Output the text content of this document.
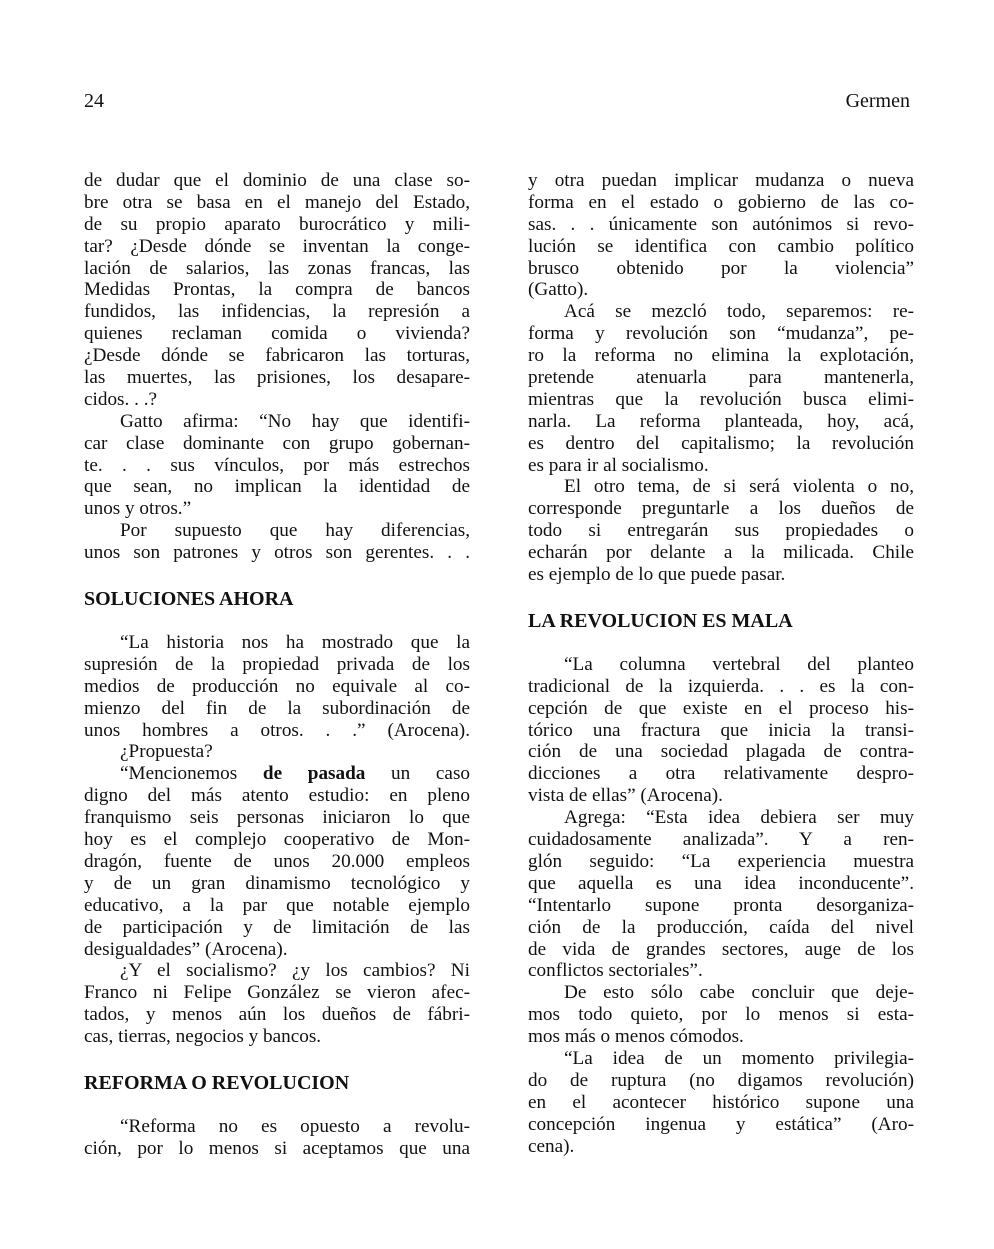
24	Germen
de dudar que el dominio de una clase so-
bre otra se basa en el manejo del Estado,
de su propio aparato burocrático y mili-
tar? ¿Desde dónde se inventan la conge-
lación de salarios, las zonas francas, las
Medidas Prontas, la compra de bancos
fundidos, las infidencias, la represión a
quienes reclaman comida o vivienda?
¿Desde dónde se fabricaron las torturas,
las muertes, las prisiones, los desapare-
cidos. . .?
Gatto afirma: “No hay que identifi-
car clase dominante con grupo gobernan-
te. . . sus vínculos, por más estrechos
que sean, no implican la identidad de
unos y otros.”
Por supuesto que hay diferencias,
unos son patrones y otros son gerentes. . .
SOLUCIONES AHORA
“La historia nos ha mostrado que la
supresión de la propiedad privada de los
medios de producción no equivale al co-
mienzo del fin de la subordinación de
unos hombres a otros. . .” (Arocena).
¿Propuesta?
“Mencionemos de pasada un caso
digno del más atento estudio: en pleno
franquismo seis personas iniciaron lo que
hoy es el complejo cooperativo de Mon-
dragón, fuente de unos 20.000 empleos
y de un gran dinamismo tecnológico y
educativo, a la par que notable ejemplo
de participación y de limitación de las
desigualdades” (Arocena).
¿Y el socialismo? ¿y los cambios? Ni
Franco ni Felipe González se vieron afec-
tados, y menos aún los dueños de fábri-
cas, tierras, negocios y bancos.
REFORMA O REVOLUCION
“Reforma no es opuesto a revolu-
ción, por lo menos si aceptamos que una
y otra puedan implicar mudanza o nueva
forma en el estado o gobierno de las co-
sas. . . únicamente son autónimos si revo-
lución se identifica con cambio político
brusco obtenido por la violencia”
(Gatto).
Acá se mezcló todo, separemos: re-
forma y revolución son “mudanza”, pe-
ro la reforma no elimina la explotación,
pretende atenuarla para mantenerla,
mientras que la revolución busca elimi-
narla. La reforma planteada, hoy, acá,
es dentro del capitalismo; la revolución
es para ir al socialismo.
El otro tema, de si será violenta o no,
corresponde preguntarle a los dueños de
todo si entregarán sus propiedades o
echarán por delante a la milicada. Chile
es ejemplo de lo que puede pasar.
LA REVOLUCION ES MALA
“La columna vertebral del planteo
tradicional de la izquierda. . . es la con-
cepción de que existe en el proceso his-
tórico una fractura que inicia la transi-
ción de una sociedad plagada de contra-
dicciones a otra relativamente despro-
vista de ellas” (Arocena).
Agrega: “Esta idea debiera ser muy
cuidadosamente analizada”. Y a ren-
glón seguido: “La experiencia muestra
que aquella es una idea inconducente”.
“Intentarlo supone pronta desorganiza-
ción de la producción, caída del nivel
de vida de grandes sectores, auge de los
conflictos sectoriales”.
De esto sólo cabe concluir que deje-
mos todo quieto, por lo menos si esta-
mos más o menos cómodos.
“La idea de un momento privilegia-
do de ruptura (no digamos revolución)
en el acontecer histórico supone una
concepción ingenua y estática” (Aro-
cena).
